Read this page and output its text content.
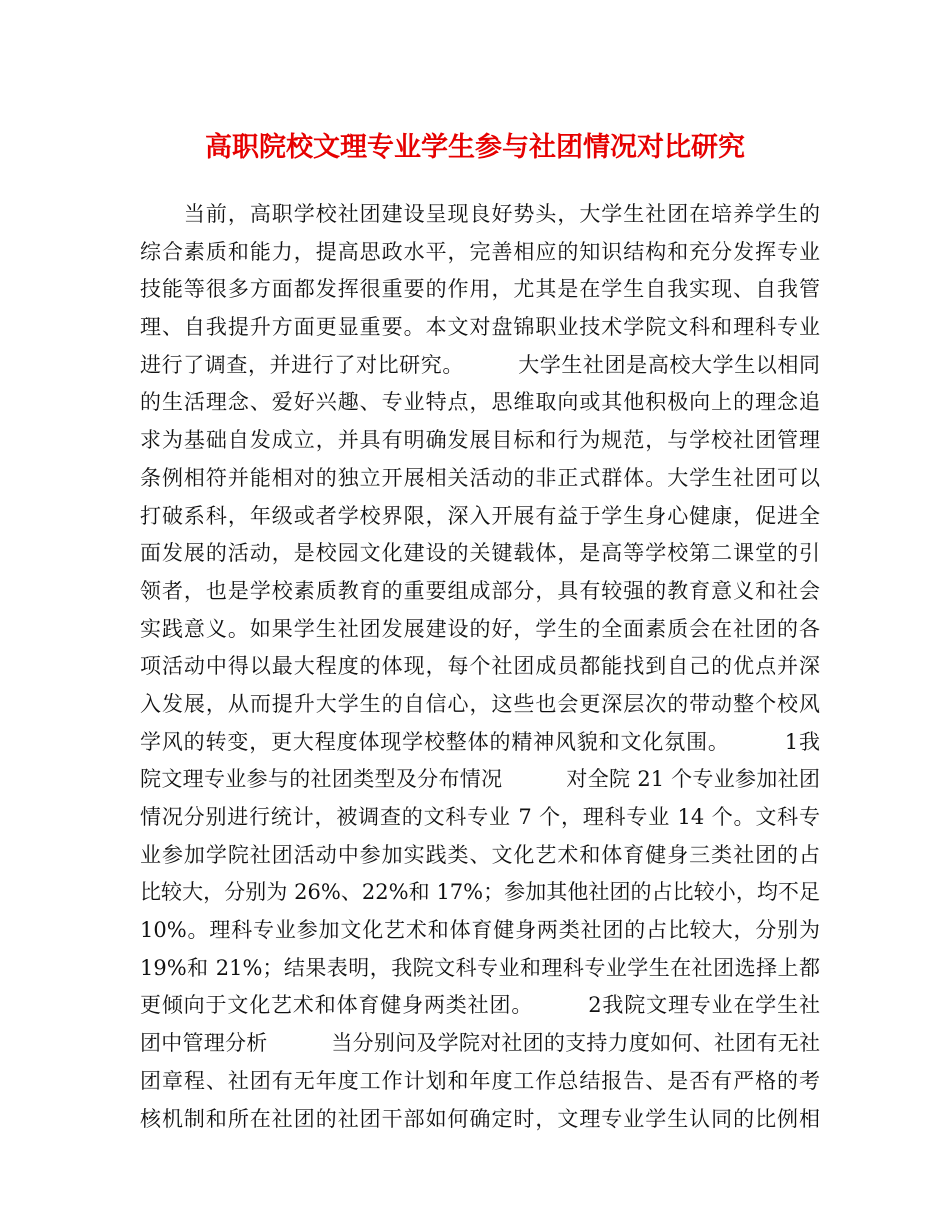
高职院校文理专业学生参与社团情况对比研究
　　当前，高职学校社团建设呈现良好势头，大学生社团在培养学生的
综合素质和能力，提高思政水平，完善相应的知识结构和充分发挥专业
技能等很多方面都发挥很重要的作用，尤其是在学生自我实现、自我管
理、自我提升方面更显重要。本文对盘锦职业技术学院文科和理科专业
进行了调查，并进行了对比研究。　　　大学生社团是高校大学生以相同
的生活理念、爱好兴趣、专业特点，思维取向或其他积极向上的理念追
求为基础自发成立，并具有明确发展目标和行为规范，与学校社团管理
条例相符并能相对的独立开展相关活动的非正式群体。大学生社团可以
打破系科，年级或者学校界限，深入开展有益于学生身心健康，促进全
面发展的活动，是校园文化建设的关键载体，是高等学校第二课堂的引
领者，也是学校素质教育的重要组成部分，具有较强的教育意义和社会
实践意义。如果学生社团发展建设的好，学生的全面素质会在社团的各
项活动中得以最大程度的体现，每个社团成员都能找到自己的优点并深
入发展，从而提升大学生的自信心，这些也会更深层次的带动整个校风
学风的转变，更大程度体现学校整体的精神风貌和文化氛围。　　　1我
院文理专业参与的社团类型及分布情况　　　对全院 21 个专业参加社团
情况分别进行统计，被调查的文科专业 7 个，理科专业 14 个。文科专
业参加学院社团活动中参加实践类、文化艺术和体育健身三类社团的占
比较大，分别为 26%、22%和 17%；参加其他社团的占比较小，均不足
10%。理科专业参加文化艺术和体育健身两类社团的占比较大，分别为
19%和 21%；结果表明，我院文科专业和理科专业学生在社团选择上都
更倾向于文化艺术和体育健身两类社团。　　　2我院文理专业在学生社
团中管理分析　　　当分别问及学院对社团的支持力度如何、社团有无社
团章程、社团有无年度工作计划和年度工作总结报告、是否有严格的考
核机制和所在社团的社团干部如何确定时，文理专业学生认同的比例相
